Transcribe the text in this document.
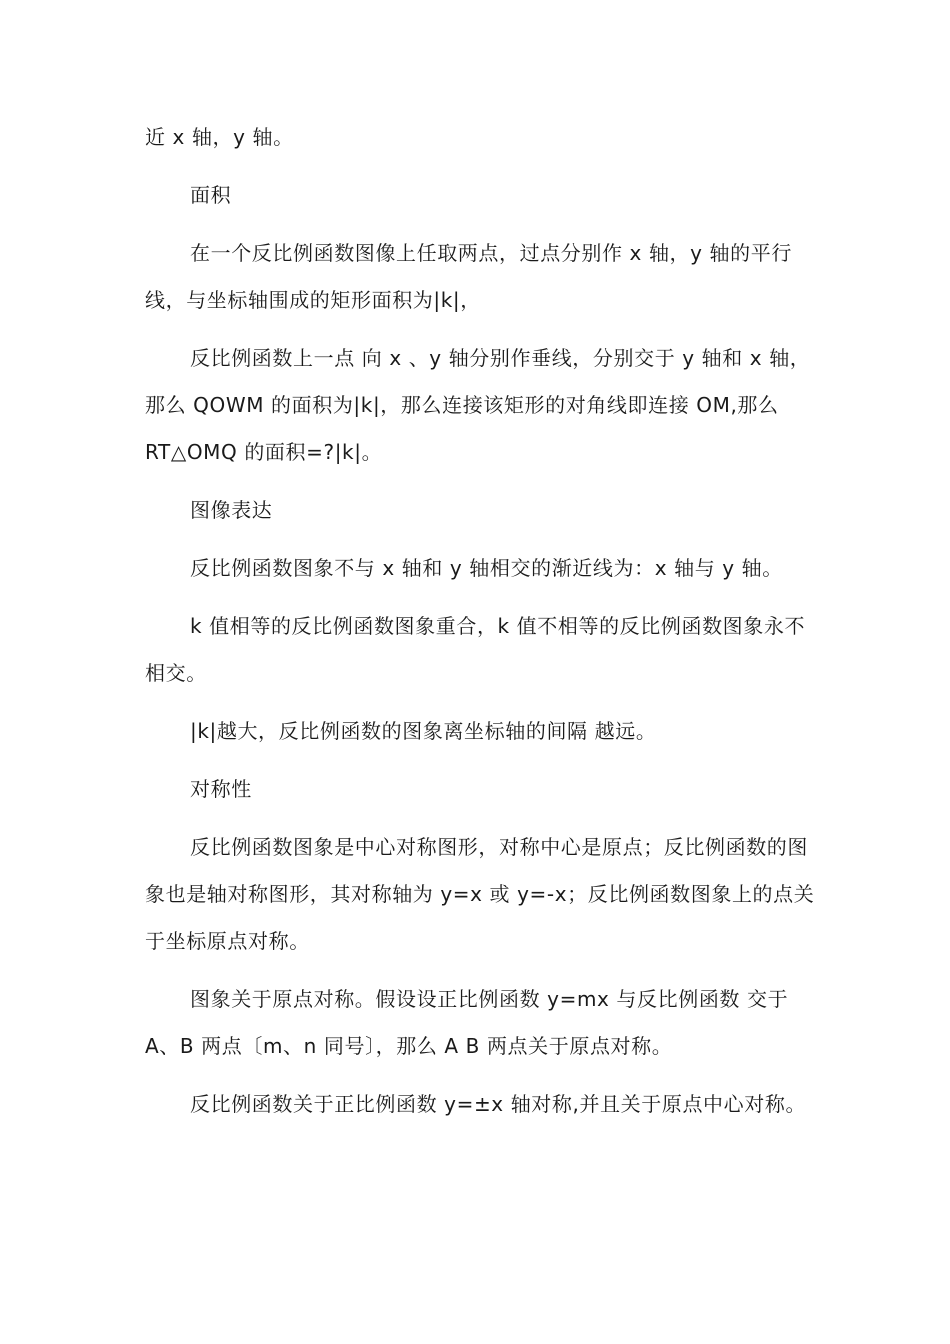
近 x 轴，y 轴。

面积

在一个反比例函数图像上任取两点，过点分别作 x 轴，y 轴的平行线，与坐标轴围成的矩形面积为|k|，

反比例函数上一点 向 x 、y 轴分别作垂线，分别交于 y 轴和 x 轴，那么 QOWM 的面积为|k|，那么连接该矩形的对角线即连接 OM,那么 RT△OMQ 的面积=?|k|。

图像表达

反比例函数图象不与 x 轴和 y 轴相交的渐近线为：x 轴与 y 轴。

k 值相等的反比例函数图象重合，k 值不相等的反比例函数图象永不相交。

|k|越大，反比例函数的图象离坐标轴的间隔 越远。

对称性

反比例函数图象是中心对称图形，对称中心是原点；反比例函数的图象也是轴对称图形，其对称轴为 y=x 或 y=-x；反比例函数图象上的点关于坐标原点对称。

图象关于原点对称。假设设正比例函数 y=mx 与反比例函数 交于 A、B 两点〔m、n 同号〕，那么 A B 两点关于原点对称。

反比例函数关于正比例函数 y=±x 轴对称,并且关于原点中心对称。
